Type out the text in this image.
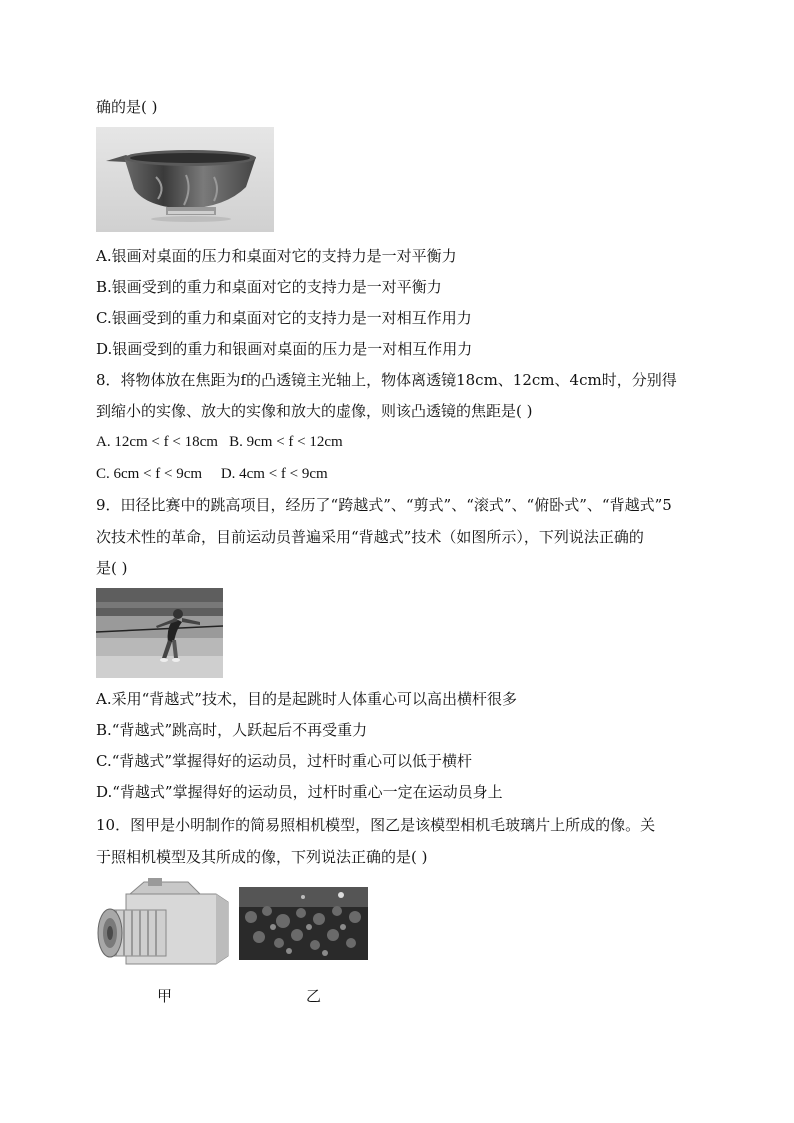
确的是( )
A.银画对桌面的压力和桌面对它的支持力是一对平衡力
B.银画受到的重力和桌面对它的支持力是一对平衡力
C.银画受到的重力和桌面对它的支持力是一对相互作用力
D.银画受到的重力和银画对桌面的压力是一对相互作用力
8．将物体放在焦距为f的凸透镜主光轴上，物体离透镜18cm、12cm、4cm时，分别得
到缩小的实像、放大的实像和放大的虚像，则该凸透镜的焦距是( )
A. 12cm < f < 18cm   B. 9cm < f < 12cm
C. 6cm < f < 9cm     D. 4cm < f < 9cm
9．田径比赛中的跳高项目，经历了“跨越式”、“剪式”、“滚式”、“俯卧式”、“背越式”5
次技术性的革命，目前运动员普遍采用“背越式”技术（如图所示），下列说法正确的
是( )
A.采用“背越式”技术，目的是起跳时人体重心可以高出横杆很多
B.“背越式”跳高时，人跃起后不再受重力
C.“背越式”掌握得好的运动员，过杆时重心可以低于横杆
D.“背越式”掌握得好的运动员，过杆时重心一定在运动员身上
10．图甲是小明制作的简易照相机模型，图乙是该模型相机毛玻璃片上所成的像。关
于照相机模型及其所成的像，下列说法正确的是( )
甲	乙
